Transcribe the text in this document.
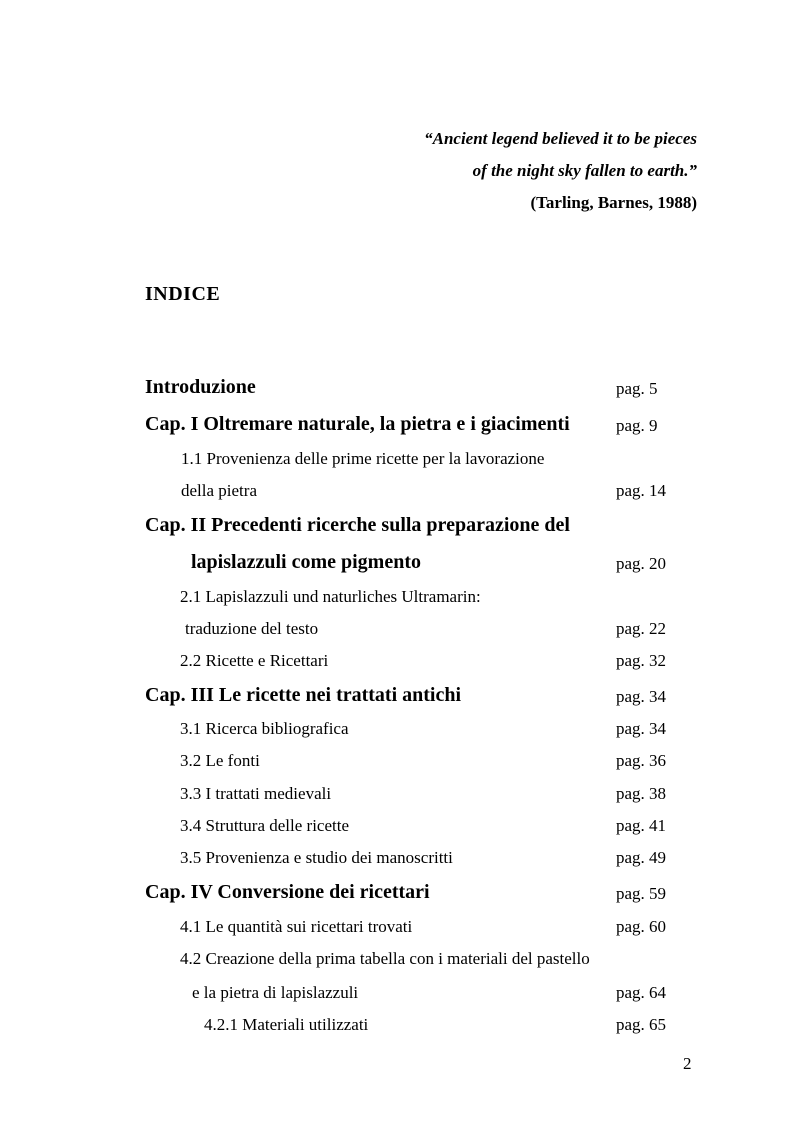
“Ancient legend believed it to be pieces
of the night sky fallen to earth.”
(Tarling, Barnes, 1988)
INDICE
Introduzione	pag. 5
Cap. I Oltremare naturale, la pietra e i giacimenti	pag. 9
1.1 Provenienza delle prime ricette per la lavorazione
della pietra	pag. 14
Cap. II Precedenti ricerche sulla preparazione del
lapislazzuli come pigmento	pag. 20
2.1 Lapislazzuli und naturliches Ultramarin:
traduzione del testo	pag. 22
2.2 Ricette e Ricettari	pag. 32
Cap. III Le ricette nei trattati antichi	pag. 34
3.1 Ricerca bibliografica	pag. 34
3.2 Le fonti	pag. 36
3.3 I trattati medievali	pag. 38
3.4 Struttura delle ricette	pag. 41
3.5 Provenienza e studio dei manoscritti	pag. 49
Cap. IV Conversione dei ricettari	pag. 59
4.1 Le quantità sui ricettari trovati	pag. 60
4.2 Creazione della prima tabella con i materiali del pastello
e la pietra di lapislazzuli	pag. 64
4.2.1 Materiali utilizzati	pag. 65
2
